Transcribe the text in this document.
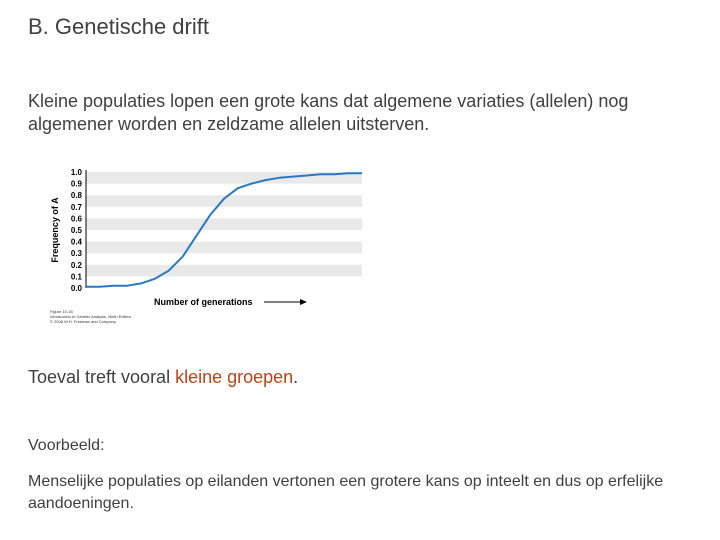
B. Genetische drift
Kleine populaties lopen een grote kans dat algemene variaties (allelen) nog algemener worden en zeldzame allelen uitsterven.
1.0
0.9
0.8
0.7
0.6
0.5
0.4
0.3
0.2
0.1
0.0
Frequency of A
Number of generations
Figure 10-16
Introduction to Genetic Analysis, Ninth Edition
© 2008 W.H. Freeman and Company
Toeval treft vooral kleine groepen.
Voorbeeld:
Menselijke populaties op eilanden vertonen een grotere kans op inteelt en dus op erfelijke aandoeningen.
